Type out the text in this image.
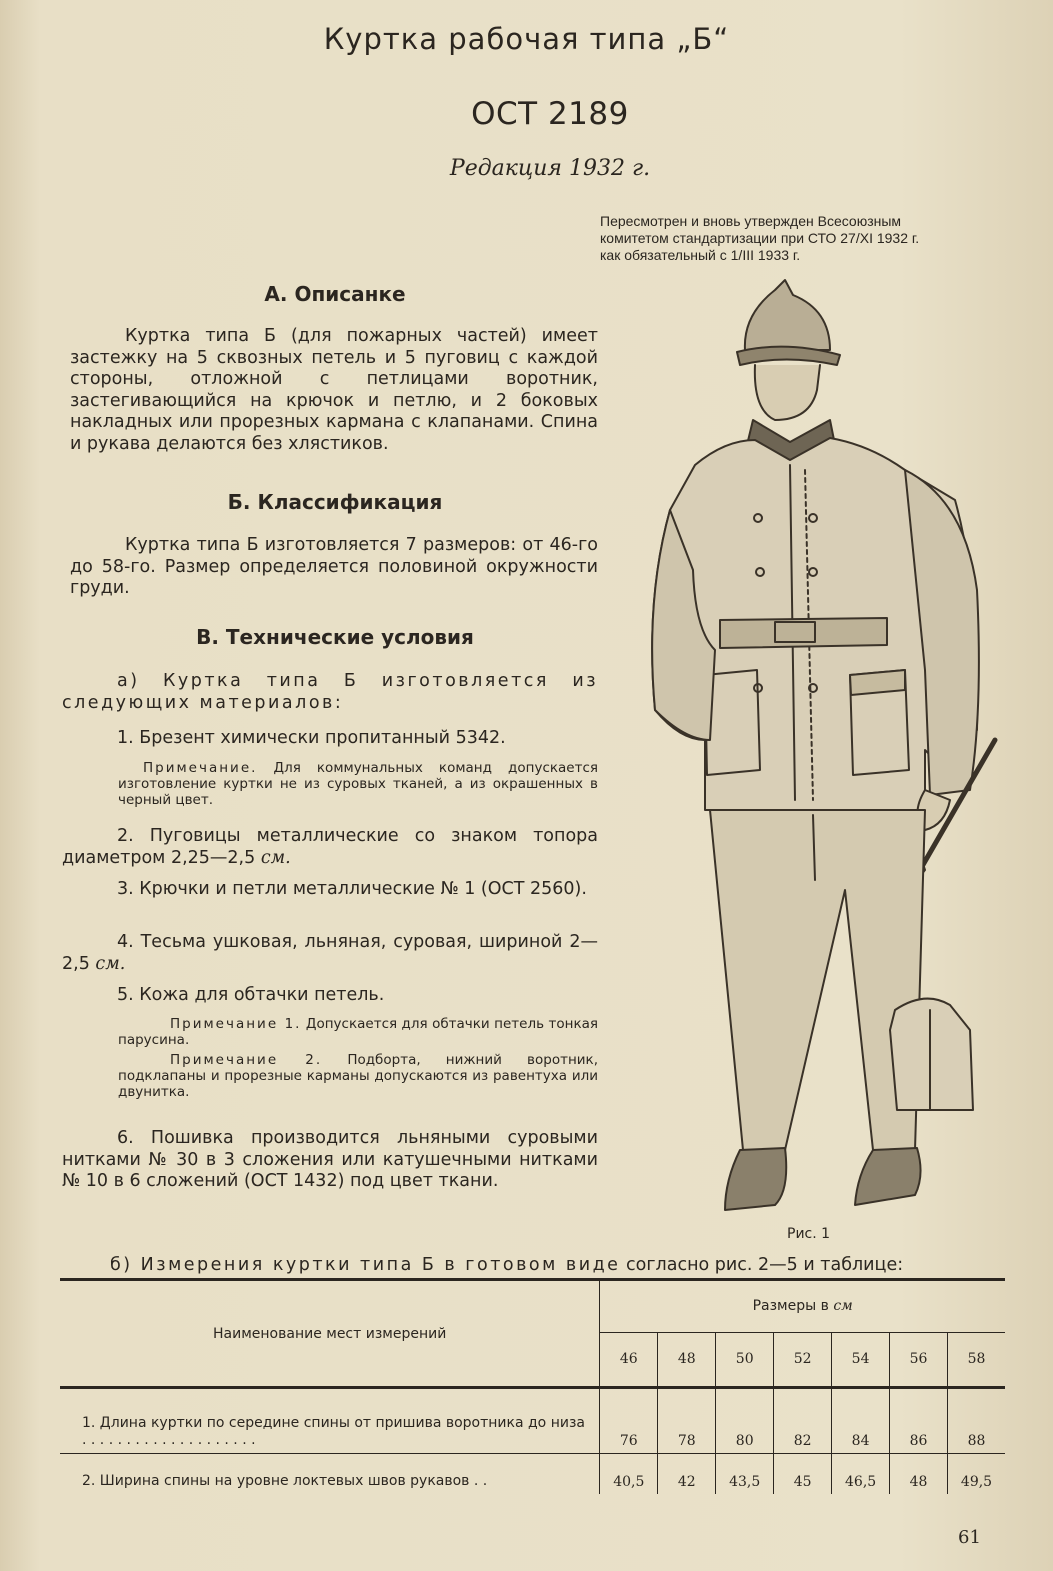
Куртка рабочая типа „Б“
ОСТ 2189
Редакция 1932 г.
Пересмотрен и вновь утвержден Всесоюзным
комитетом стандартизации при СТО 27/XI 1932 г.
как обязательный с 1/III 1933 г.
А. Описанке
Куртка типа Б (для пожарных частей) имеет застежку на 5 сквозных петель и 5 пуговиц с каждой стороны, отложной с петлицами воротник, застегивающийся на крючок и петлю, и 2 боковых накладных или прорезных кармана с клапанами. Спина и рукава делаются без хлястиков.
Б. Классификация
Куртка типа Б изготовляется 7 размеров: от 46-го до 58-го. Размер определяется половиной окружности груди.
В. Технические условия
а) Куртка типа Б изготовляется из следующих материалов:
1. Брезент химически пропитанный 5342.
Примечание. Для коммунальных команд допускается изготовление куртки не из суровых тканей, а из окрашенных в черный цвет.
2. Пуговицы металлические со знаком топора диаметром 2,25—2,5 см.
3. Крючки и петли металлические № 1 (ОСТ 2560).
4. Тесьма ушковая, льняная, суровая, шириной 2—2,5 см.
5. Кожа для обтачки петель.
Примечание 1. Допускается для обтачки петель тонкая парусина.
Примечание 2. Подборта, нижний воротник, подклапаны и прорезные карманы допускаются из равентуха или двунитка.
6. Пошивка производится льняными суровыми нитками № 30 в 3 сложения или катушечными нитками № 10 в 6 сложений (ОСТ 1432) под цвет ткани.
Рис. 1
б) Измерения куртки типа Б в готовом виде согласно рис. 2—5 и таблице:
Наименование мест измерений	Размеры в см						
	46	48	50	52	54	56	58
1. Длина куртки по середине спины от пришива воротника до низа . . . . . . . . . . . . . . . . . . . .	76	78	80	82	84	86	88
2. Ширина спины на уровне локтевых швов рукавов . .	40,5	42	43,5	45	46,5	48	49,5
61
